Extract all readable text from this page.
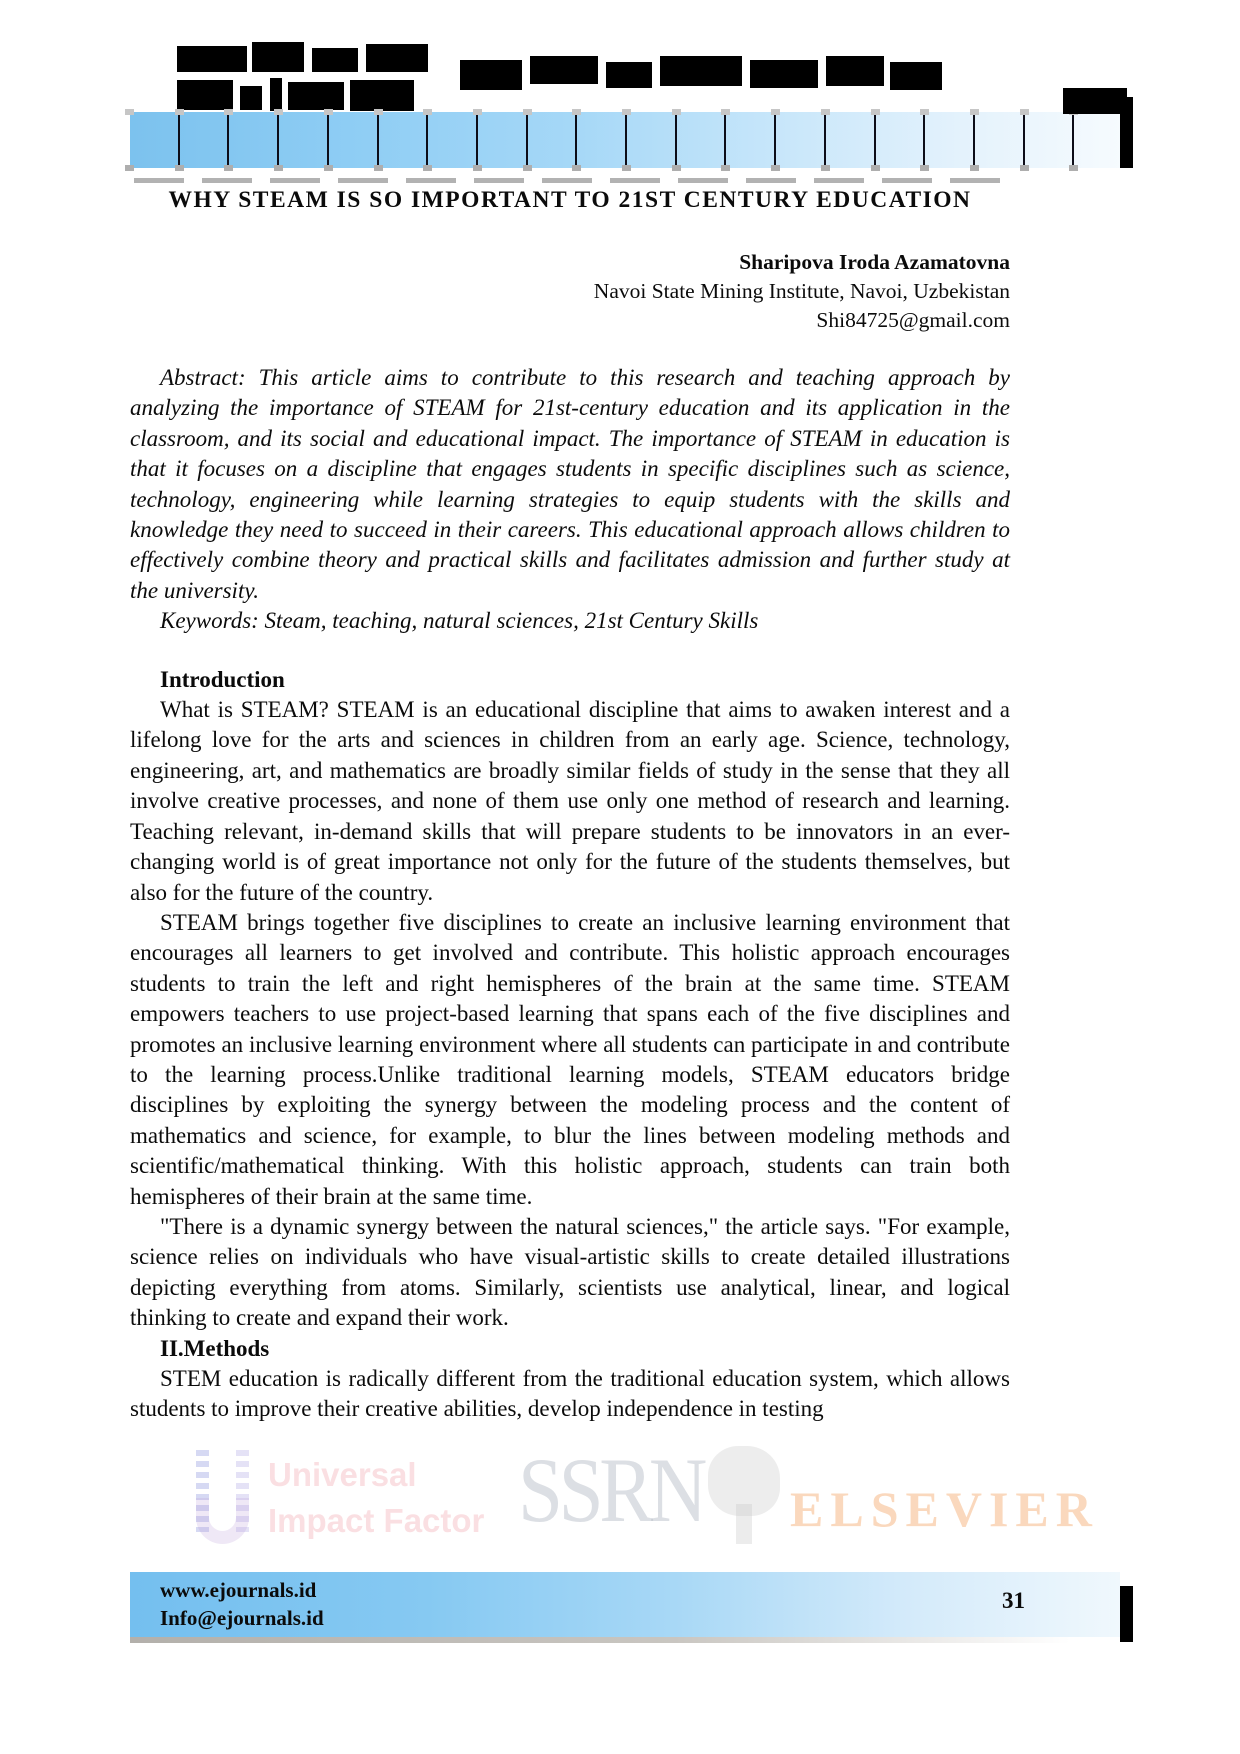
WHY STEAM IS SO IMPORTANT TO 21ST CENTURY EDUCATION
Sharipova Iroda Azamatovna
Navoi State Mining Institute, Navoi, Uzbekistan
Shi84725@gmail.com

Abstract: This article aims to contribute to this research and teaching approach by analyzing the importance of STEAM for 21st-century education and its application in the classroom, and its social and educational impact. The importance of STEAM in education is that it focuses on a discipline that engages students in specific disciplines such as science, technology, engineering while learning strategies to equip students with the skills and knowledge they need to succeed in their careers. This educational approach allows children to effectively combine theory and practical skills and facilitates admission and further study at the university.

Keywords: Steam, teaching, natural sciences, 21st Century Skills

Introduction

What is STEAM? STEAM is an educational discipline that aims to awaken interest and a lifelong love for the arts and sciences in children from an early age. Science, technology, engineering, art, and mathematics are broadly similar fields of study in the sense that they all involve creative processes, and none of them use only one method of research and learning. Teaching relevant, in-demand skills that will prepare students to be innovators in an ever-changing world is of great importance not only for the future of the students themselves, but also for the future of the country.

STEAM brings together five disciplines to create an inclusive learning environment that encourages all learners to get involved and contribute. This holistic approach encourages students to train the left and right hemispheres of the brain at the same time. STEAM empowers teachers to use project-based learning that spans each of the five disciplines and promotes an inclusive learning environment where all students can participate in and contribute to the learning process.Unlike traditional learning models, STEAM educators bridge disciplines by exploiting the synergy between the modeling process and the content of mathematics and science, for example, to blur the lines between modeling methods and scientific/mathematical thinking. With this holistic approach, students can train both hemispheres of their brain at the same time.

"There is a dynamic synergy between the natural sciences," the article says. "For example, science relies on individuals who have visual-artistic skills to create detailed illustrations depicting everything from atoms. Similarly, scientists use analytical, linear, and logical thinking to create and expand their work.

II.Methods

STEM education is radically different from the traditional education system, which allows students to improve their creative abilities, develop independence in testing

Universal
Impact Factor SSRN ELSEVIER
www.ejournals.id
Info@ejournals.id
31
